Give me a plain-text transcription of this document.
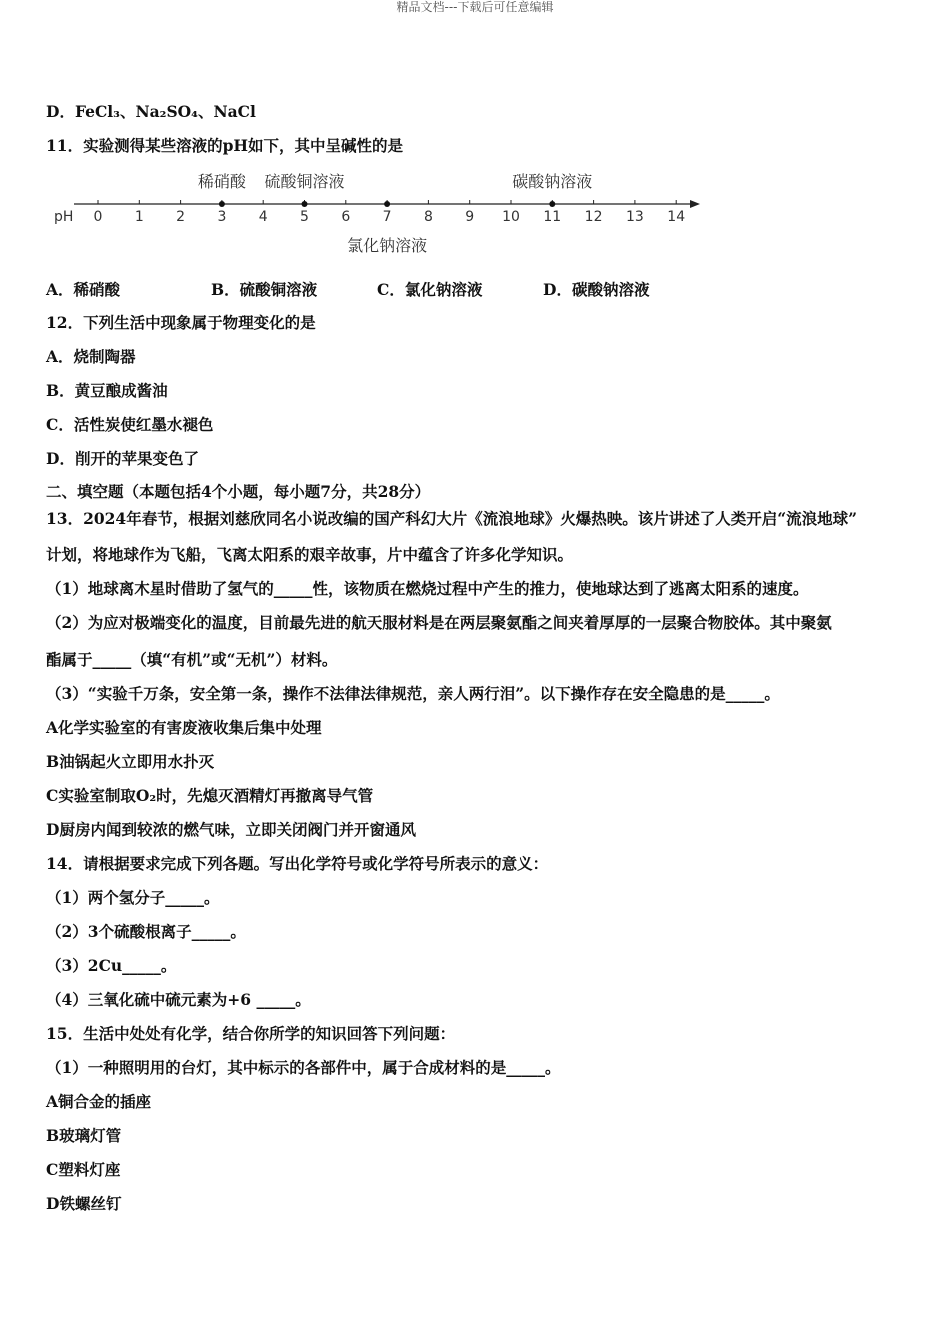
精品文档---下载后可任意编辑
D．FeCl₃、Na₂SO₄、NaCl
11．实验测得某些溶液的pH如下，其中呈碱性的是
pH 0 1 2 3 4 5 6 7 8 9 10 11 12 13 14
稀硝酸 硫酸铜溶液
氯化钠溶液
碳酸钠溶液
A．稀硝酸	B．硫酸铜溶液	C．氯化钠溶液	D．碳酸钠溶液
12．下列生活中现象属于物理变化的是
A．烧制陶器
B．黄豆酿成酱油
C．活性炭使红墨水褪色
D．削开的苹果变色了
二、填空题（本题包括4个小题，每小题7分，共28分）
13．2024年春节，根据刘慈欣同名小说改编的国产科幻大片《流浪地球》火爆热映。该片讲述了人类开启“流浪地球”
计划，将地球作为飞船，飞离太阳系的艰辛故事，片中蕴含了许多化学知识。
（1）地球离木星时借助了氢气的_____性，该物质在燃烧过程中产生的推力，使地球达到了逃离太阳系的速度。
（2）为应对极端变化的温度，目前最先进的航天服材料是在两层聚氨酯之间夹着厚厚的一层聚合物胶体。其中聚氨
酯属于_____（填“有机”或“无机”）材料。
（3）“实验千万条，安全第一条，操作不法律法律规范，亲人两行泪”。以下操作存在安全隐患的是_____。
A化学实验室的有害废液收集后集中处理
B油锅起火立即用水扑灭
C实验室制取O₂时，先熄灭酒精灯再撤离导气管
D厨房内闻到较浓的燃气味，立即关闭阀门并开窗通风
14．请根据要求完成下列各题。写出化学符号或化学符号所表示的意义：
（1）两个氢分子_____。
（2）3个硫酸根离子_____。
（3）2Cu_____。
（4）三氧化硫中硫元素为+6 _____。
15．生活中处处有化学，结合你所学的知识回答下列问题：
（1）一种照明用的台灯，其中标示的各部件中，属于合成材料的是_____。
A铜合金的插座
B玻璃灯管
C塑料灯座
D铁螺丝钉
